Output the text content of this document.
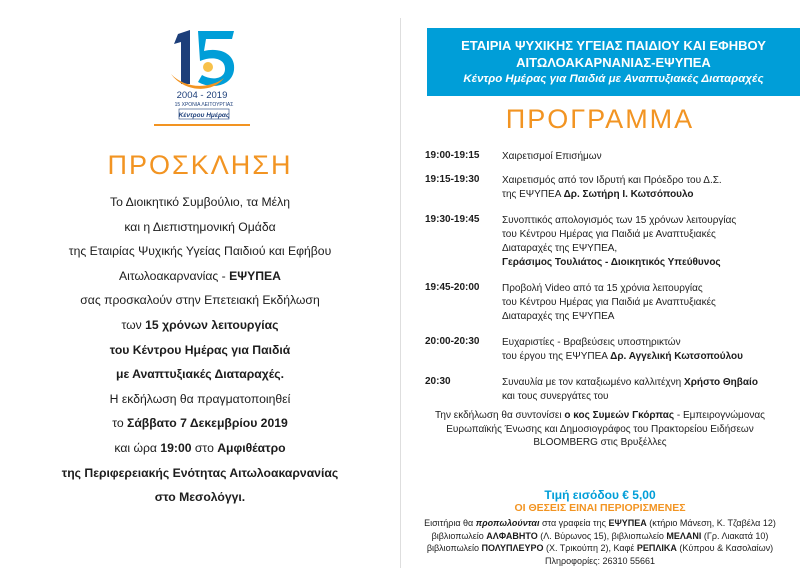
2004 - 2019
15 ΧΡΟΝΙΑ ΛΕΙΤΟΥΡΓΙΑΣ
Κέντρου Ημέρας
ΠΡΟΣΚΛΗΣΗ
Το Διοικητικό Συμβούλιο, τα Μέλη
και η Διεπιστημονική Ομάδα
της Εταιρίας Ψυχικής Υγείας Παιδιού και Εφήβου
Αιτωλοακαρνανίας - ΕΨΥΠΕΑ
σας προσκαλούν στην Επετειακή Εκδήλωση
των 15 χρόνων λειτουργίας
του Κέντρου Ημέρας για Παιδιά
με Αναπτυξιακές Διαταραχές.
Η εκδήλωση θα πραγματοποιηθεί
το Σάββατο 7 Δεκεμβρίου 2019
και ώρα 19:00 στο Αμφιθέατρο
της Περιφερειακής Ενότητας Αιτωλοακαρνανίας
στο Μεσολόγγι.
ΕΤΑΙΡΙΑ ΨΥΧΙΚΗΣ ΥΓΕΙΑΣ ΠΑΙΔΙΟΥ ΚΑΙ ΕΦΗΒΟΥ
ΑΙΤΩΛΟΑΚΑΡΝΑΝΙΑΣ-ΕΨΥΠΕΑ
Κέντρο Ημέρας για Παιδιά με Αναπτυξιακές Διαταραχές
ΠΡΟΓΡΑΜΜΑ
19:00-19:15	Χαιρετισμοί Επισήμων
19:15-19:30	Χαιρετισμός από τον Ιδρυτή και Πρόεδρο του Δ.Σ.
της ΕΨΥΠΕΑ Δρ. Σωτήρη Ι. Κωτσόπουλο
19:30-19:45	Συνοπτικός απολογισμός των 15 χρόνων λειτουργίας
του Κέντρου Ημέρας για Παιδιά με Αναπτυξιακές
Διαταραχές της ΕΨΥΠΕΑ,
Γεράσιμος Τουλιάτος - Διοικητικός Υπεύθυνος
19:45-20:00	Προβολή Video από τα 15 χρόνια λειτουργίας
του Κέντρου Ημέρας για Παιδιά με Αναπτυξιακές
Διαταραχές της ΕΨΥΠΕΑ
20:00-20:30	Ευχαριστίες - Βραβεύσεις υποστηρικτών
του έργου της ΕΨΥΠΕΑ Δρ. Αγγελική Κωτσοπούλου
20:30	Συναυλία με τον καταξιωμένο καλλιτέχνη Χρήστο Θηβαίο
και τους συνεργάτες του
Την εκδήλωση θα συντονίσει ο κος Συμεών Γκόρπας - Εμπειρογνώμονας
Ευρωπαϊκής Ένωσης και Δημοσιογράφος του Πρακτορείου Ειδήσεων
BLOOMBERG στις Βρυξέλλες
Τιμή εισόδου € 5,00
ΟΙ ΘΕΣΕΙΣ ΕΙΝΑΙ ΠΕΡΙΟΡΙΣΜΕΝΕΣ
Εισιτήρια θα προπωλούνται στα γραφεία της ΕΨΥΠΕΑ (κτήριο Μάνεση, Κ. Τζαβέλα 12)
βιβλιοπωλείο ΑΛΦΑΒΗΤΟ (Λ. Βύρωνος 15), βιβλιοπωλείο ΜΕΛΑΝΙ (Γρ. Λιακατά 10)
βιβλιοπωλείο ΠΟΛΥΠΛΕΥΡΟ (Χ. Τρικούπη 2), Καφέ ΡΕΠΛΙΚΑ (Κύπρου & Κασολαίων)
Πληροφορίες: 26310 55661
